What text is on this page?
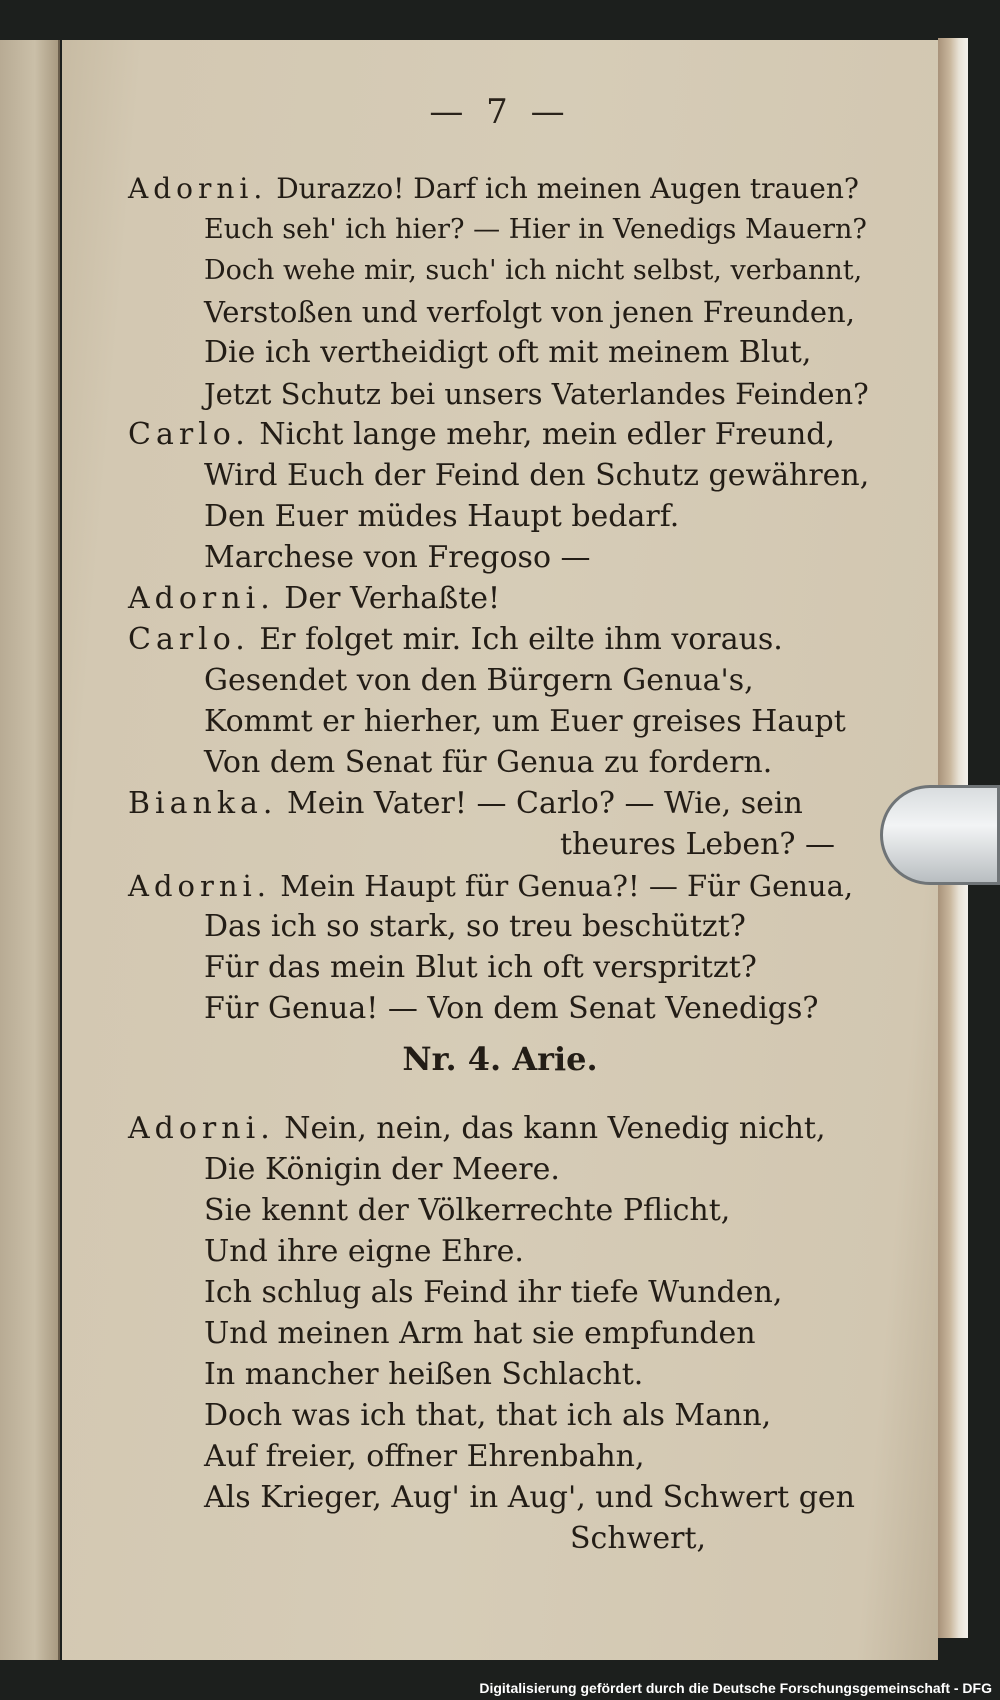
— 7 —
Adorni. Durazzo! Darf ich meinen Augen trauen?
Euch seh' ich hier? — Hier in Venedigs Mauern?
Doch wehe mir, such' ich nicht selbst, verbannt,
Verstoßen und verfolgt von jenen Freunden,
Die ich vertheidigt oft mit meinem Blut,
Jetzt Schutz bei unsers Vaterlandes Feinden?
Carlo. Nicht lange mehr, mein edler Freund,
Wird Euch der Feind den Schutz gewähren,
Den Euer müdes Haupt bedarf.
Marchese von Fregoso —
Adorni. Der Verhaßte!
Carlo. Er folget mir. Ich eilte ihm voraus.
Gesendet von den Bürgern Genua's,
Kommt er hierher, um Euer greises Haupt
Von dem Senat für Genua zu fordern.
Bianka. Mein Vater! — Carlo? — Wie, sein
theures Leben? —
Adorni. Mein Haupt für Genua?! — Für Genua,
Das ich so stark, so treu beschützt?
Für das mein Blut ich oft verspritzt?
Für Genua! — Von dem Senat Venedigs?
Nr. 4. Arie.
Adorni. Nein, nein, das kann Venedig nicht,
Die Königin der Meere.
Sie kennt der Völkerrechte Pflicht,
Und ihre eigne Ehre.
Ich schlug als Feind ihr tiefe Wunden,
Und meinen Arm hat sie empfunden
In mancher heißen Schlacht.
Doch was ich that, that ich als Mann,
Auf freier, offner Ehrenbahn,
Als Krieger, Aug' in Aug', und Schwert gen
Schwert,
Digitalisierung gefördert durch die Deutsche Forschungsgemeinschaft - DFG
